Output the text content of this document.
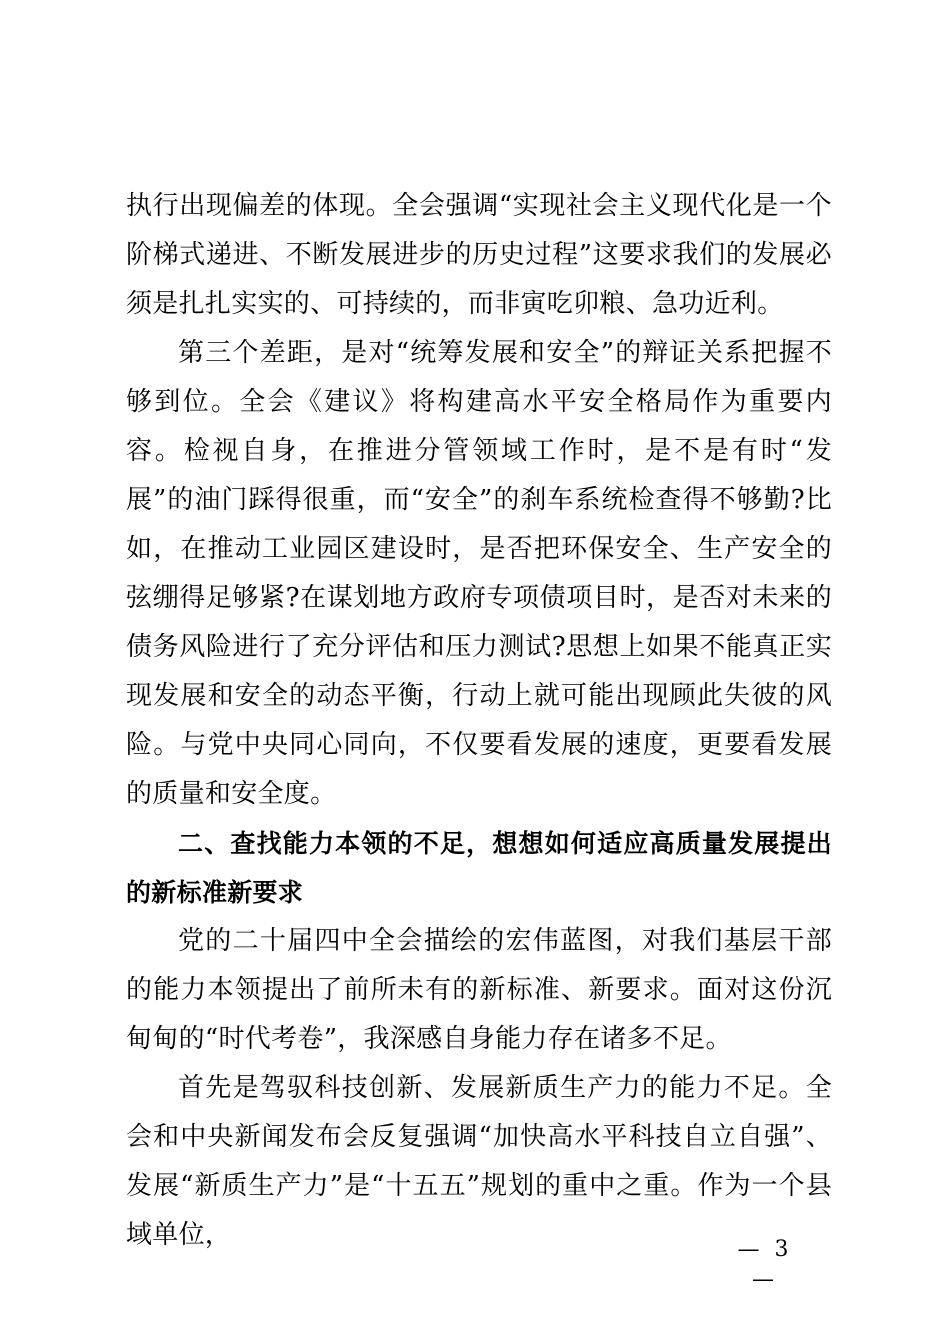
执行出现偏差的体现。全会强调“实现社会主义现代化是一个阶梯式递进、不断发展进步的历史过程”这要求我们的发展必须是扎扎实实的、可持续的，而非寅吃卯粮、急功近利。

第三个差距，是对“统筹发展和安全”的辩证关系把握不够到位。全会《建议》将构建高水平安全格局作为重要内容。检视自身，在推进分管领域工作时，是不是有时“发展”的油门踩得很重，而“安全”的刹车系统检查得不够勤?比如，在推动工业园区建设时，是否把环保安全、生产安全的弦绷得足够紧?在谋划地方政府专项债项目时，是否对未来的债务风险进行了充分评估和压力测试?思想上如果不能真正实现发展和安全的动态平衡，行动上就可能出现顾此失彼的风险。与党中央同心同向，不仅要看发展的速度，更要看发展的质量和安全度。

二、查找能力本领的不足，想想如何适应高质量发展提出的新标准新要求

党的二十届四中全会描绘的宏伟蓝图，对我们基层干部的能力本领提出了前所未有的新标准、新要求。面对这份沉甸甸的“时代考卷”，我深感自身能力存在诸多不足。

首先是驾驭科技创新、发展新质生产力的能力不足。全会和中央新闻发布会反复强调“加快高水平科技自立自强”、发展“新质生产力”是“十五五”规划的重中之重。作为一个县域单位，	— 3 —
